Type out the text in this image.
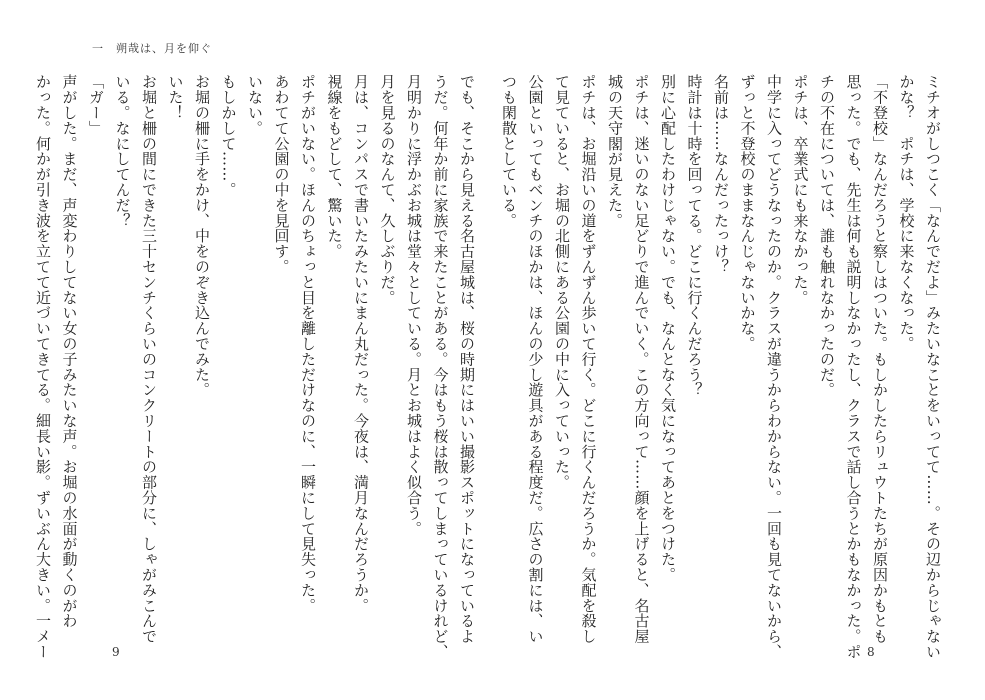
一　朔哉は、月を仰ぐ

でも、そこから見える名古屋城は、桜の時期にはいい撮影スポットになっているよ

うだ。何年か前に家族で来たことがある。今はもう桜は散ってしまっているけれど、

月明かりに浮かぶお城は堂々としている。月とお城はよく似合う。

月を見るのなんて、久しぶりだ。

月は、コンパスで書いたみたいにまん丸だった。今夜は、満月なんだろうか。

視線をもどして、驚いた。

ポチがいない。ほんのちょっと目を離しただけなのに、一瞬にして見失った。

あわてて公園の中を見回す。

いない。

もしかして……。

お堀の柵に手をかけ、中をのぞき込んでみた。

いた！

お堀と柵の間にできた三十センチくらいのコンクリートの部分に、しゃがみこんで

いる。なにしてんだ？

「ガー」

声がした。まだ、声変わりしてない女の子みたいな声。お堀の水面が動くのがわ

かった。何かが引き波を立てて近づいてきてる。細長い影。ずいぶん大きい。一メー	9	ミチオがしつこく「なんでだよ」みたいなことをいってて……。その辺からじゃない

かな？　ポチは、学校に来なくなった。

「不登校」なんだろうと察しはついた。もしかしたらリュウトたちが原因かもとも

思った。でも、先生は何も説明しなかったし、クラスで話し合うとかもなかった。ポ

チの不在については、誰も触れなかったのだ。

ポチは、卒業式にも来なかった。

中学に入ってどうなったのか。クラスが違うからわからない。一回も見てないから、

ずっと不登校のままなんじゃないかな。

名前は……なんだったっけ？

時計は十時を回ってる。どこに行くんだろう？

別に心配したわけじゃない。でも、なんとなく気になってあとをつけた。

ポチは、迷いのない足どりで進んでいく。この方向って……顔を上げると、名古屋

城の天守閣が見えた。

ポチは、お堀沿いの道をずんずん歩いて行く。どこに行くんだろうか。気配を殺し

て見ていると、お堀の北側にある公園の中に入っていった。

公園といってもベンチのほかは、ほんの少し遊具がある程度だ。広さの割には、い

つも閑散としている。

8
